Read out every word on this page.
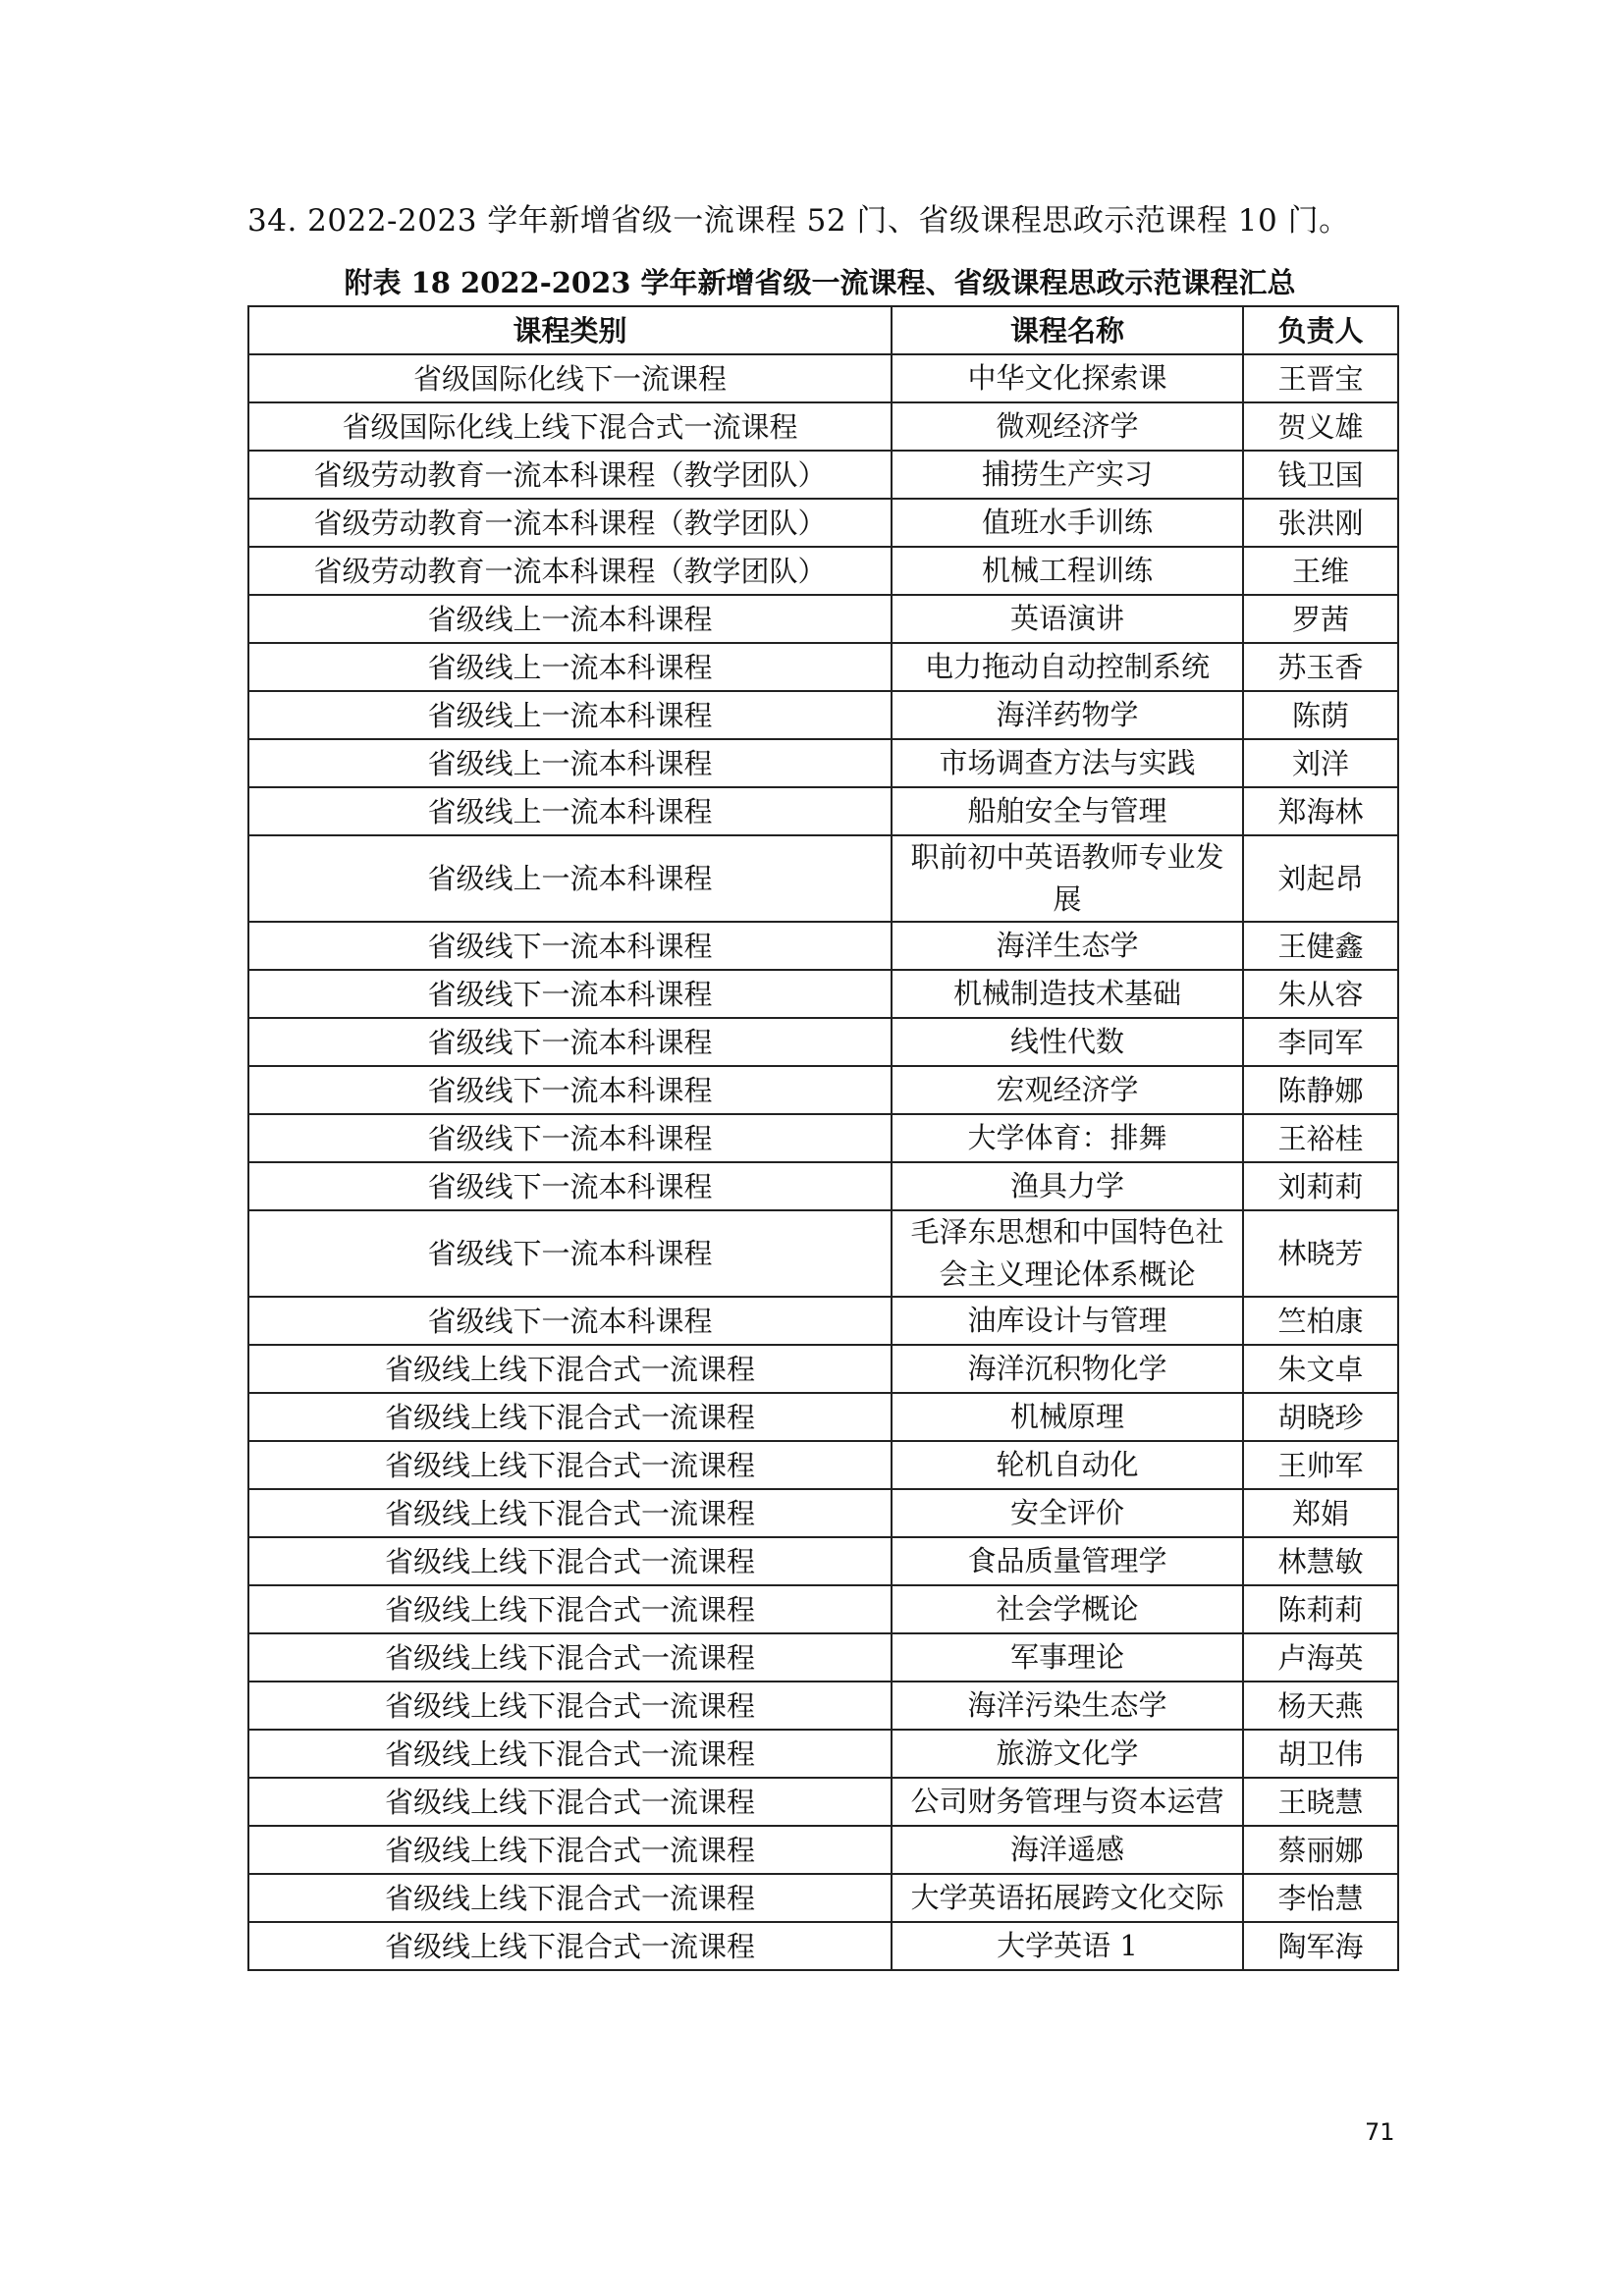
34. 2022-2023 学年新增省级一流课程 52 门、省级课程思政示范课程 10 门。
附表 18 2022-2023 学年新增省级一流课程、省级课程思政示范课程汇总
课程类别	课程名称	负责人
省级国际化线下一流课程	中华文化探索课	王晋宝
省级国际化线上线下混合式一流课程	微观经济学	贺义雄
省级劳动教育一流本科课程（教学团队）	捕捞生产实习	钱卫国
省级劳动教育一流本科课程（教学团队）	值班水手训练	张洪刚
省级劳动教育一流本科课程（教学团队）	机械工程训练	王维
省级线上一流本科课程	英语演讲	罗茜
省级线上一流本科课程	电力拖动自动控制系统	苏玉香
省级线上一流本科课程	海洋药物学	陈荫
省级线上一流本科课程	市场调查方法与实践	刘洋
省级线上一流本科课程	船舶安全与管理	郑海林
省级线上一流本科课程	职前初中英语教师专业发展	刘起昂
省级线下一流本科课程	海洋生态学	王健鑫
省级线下一流本科课程	机械制造技术基础	朱从容
省级线下一流本科课程	线性代数	李同军
省级线下一流本科课程	宏观经济学	陈静娜
省级线下一流本科课程	大学体育：排舞	王裕桂
省级线下一流本科课程	渔具力学	刘莉莉
省级线下一流本科课程	毛泽东思想和中国特色社会主义理论体系概论	林晓芳
省级线下一流本科课程	油库设计与管理	竺柏康
省级线上线下混合式一流课程	海洋沉积物化学	朱文卓
省级线上线下混合式一流课程	机械原理	胡晓珍
省级线上线下混合式一流课程	轮机自动化	王帅军
省级线上线下混合式一流课程	安全评价	郑娟
省级线上线下混合式一流课程	食品质量管理学	林慧敏
省级线上线下混合式一流课程	社会学概论	陈莉莉
省级线上线下混合式一流课程	军事理论	卢海英
省级线上线下混合式一流课程	海洋污染生态学	杨天燕
省级线上线下混合式一流课程	旅游文化学	胡卫伟
省级线上线下混合式一流课程	公司财务管理与资本运营	王晓慧
省级线上线下混合式一流课程	海洋遥感	蔡丽娜
省级线上线下混合式一流课程	大学英语拓展跨文化交际	李怡慧
省级线上线下混合式一流课程	大学英语 1	陶军海
71
